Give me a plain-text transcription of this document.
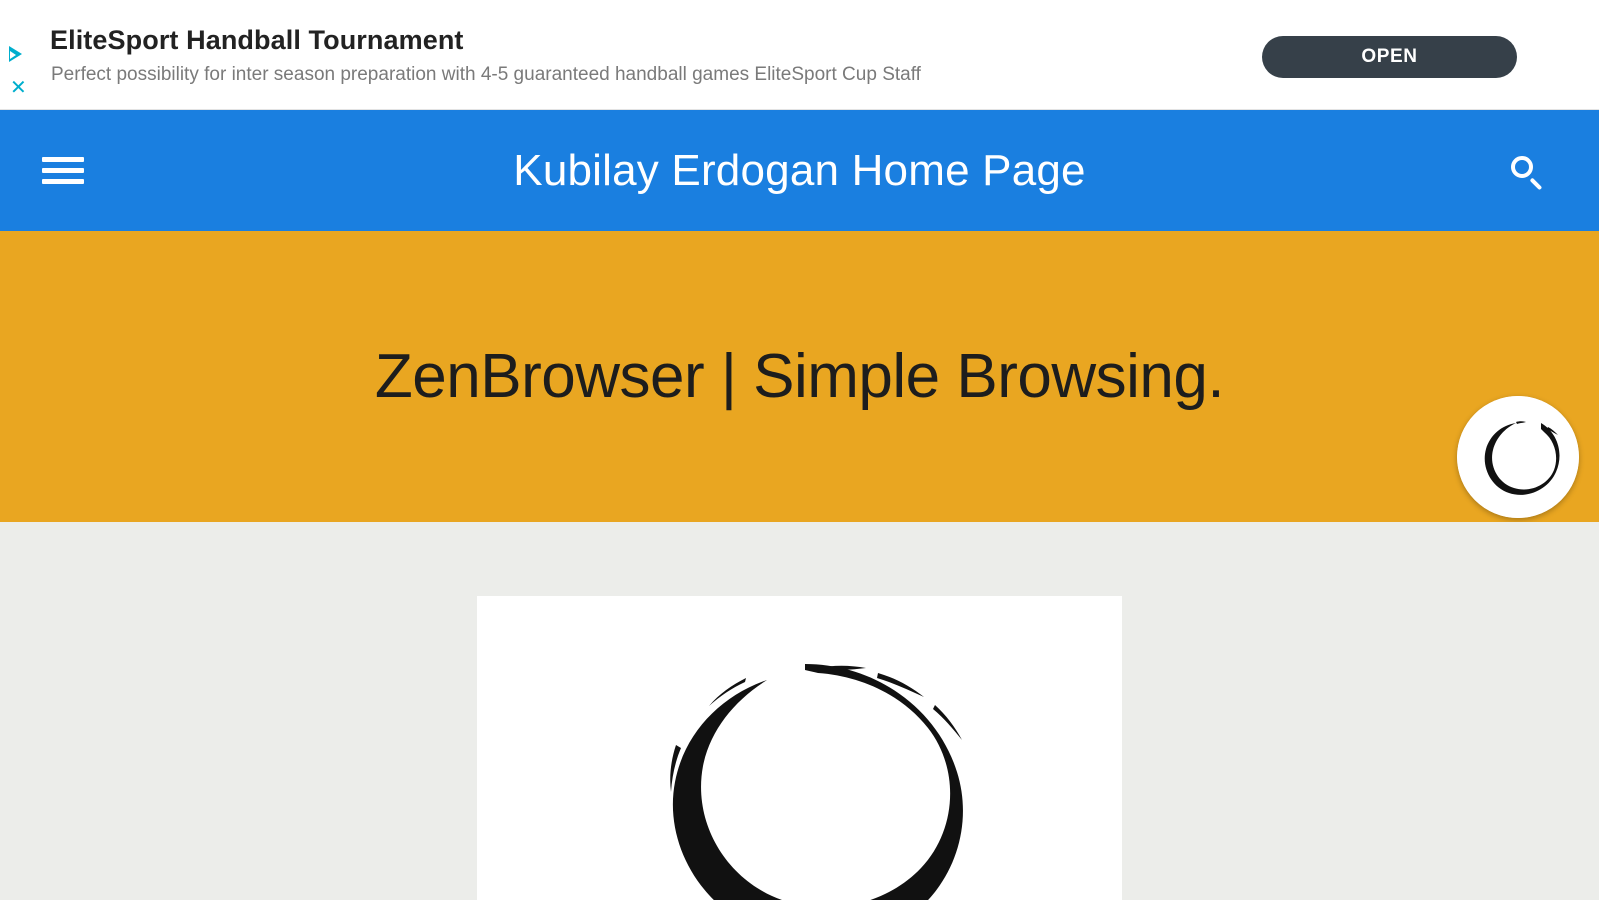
✕
EliteSport Handball Tournament
Perfect possibility for inter season preparation with 4-5 guaranteed handball games EliteSport Cup Staff
OPEN
Kubilay Erdogan Home Page
ZenBrowser | Simple Browsing.
